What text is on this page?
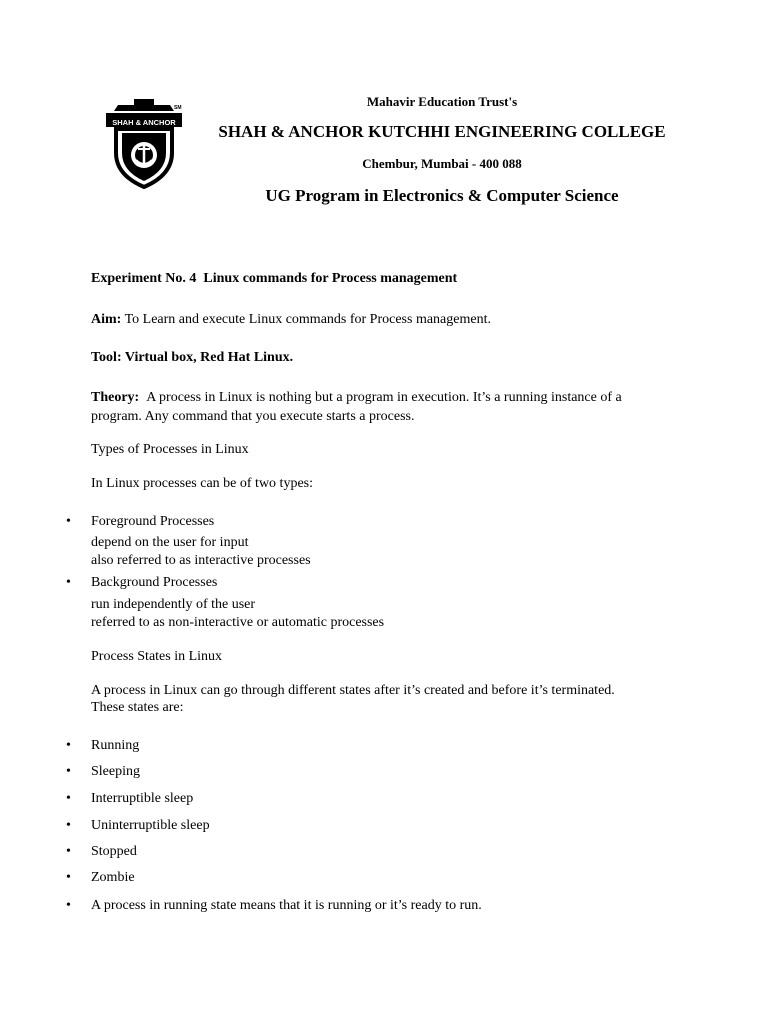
SHAH & ANCHOR
SM	Mahavir Education Trust's
SHAH & ANCHOR KUTCHHI ENGINEERING COLLEGE
Chembur, Mumbai - 400 088
UG Program in Electronics & Computer Science
Experiment No. 4 Linux commands for Process management
Aim: To Learn and execute Linux commands for Process management.
Tool: Virtual box, Red Hat Linux.
Theory: A process in Linux is nothing but a program in execution. It’s a running instance of a
program. Any command that you execute starts a process.
Types of Processes in Linux
In Linux processes can be of two types:
• Foreground Processes
depend on the user for input
also referred to as interactive processes
• Background Processes
run independently of the user
referred to as non-interactive or automatic processes
Process States in Linux
A process in Linux can go through different states after it’s created and before it’s terminated.
These states are:
• Running
• Sleeping
• Interruptible sleep
• Uninterruptible sleep
• Stopped
• Zombie
• A process in running state means that it is running or it’s ready to run.
